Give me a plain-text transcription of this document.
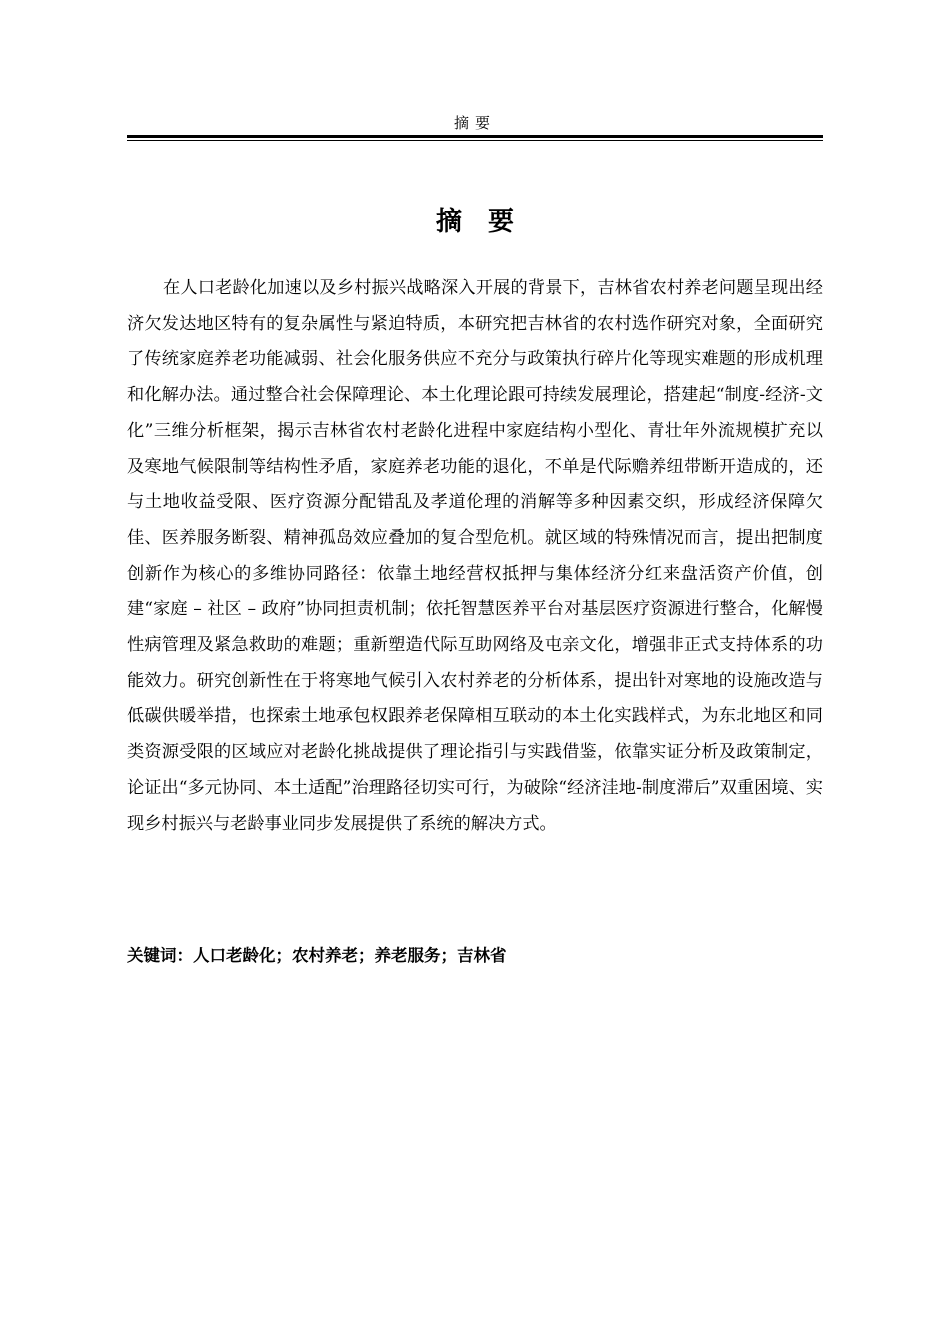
摘要
摘要

在人口老龄化加速以及乡村振兴战略深入开展的背景下，吉林省农村养老问题呈现出经济欠发达地区特有的复杂属性与紧迫特质，本研究把吉林省的农村选作研究对象，全面研究了传统家庭养老功能减弱、社会化服务供应不充分与政策执行碎片化等现实难题的形成机理和化解办法。通过整合社会保障理论、本土化理论跟可持续发展理论，搭建起“制度-经济-文化”三维分析框架，揭示吉林省农村老龄化进程中家庭结构小型化、青壮年外流规模扩充以及寒地气候限制等结构性矛盾，家庭养老功能的退化，不单是代际赡养纽带断开造成的，还与土地收益受限、医疗资源分配错乱及孝道伦理的消解等多种因素交织，形成经济保障欠佳、医养服务断裂、精神孤岛效应叠加的复合型危机。就区域的特殊情况而言，提出把制度创新作为核心的多维协同路径：依靠土地经营权抵押与集体经济分红来盘活资产价值，创建“家庭 – 社区 – 政府”协同担责机制；依托智慧医养平台对基层医疗资源进行整合，化解慢性病管理及紧急救助的难题；重新塑造代际互助网络及屯亲文化，增强非正式支持体系的功能效力。研究创新性在于将寒地气候引入农村养老的分析体系，提出针对寒地的设施改造与低碳供暖举措，也探索土地承包权跟养老保障相互联动的本土化实践样式，为东北地区和同类资源受限的区域应对老龄化挑战提供了理论指引与实践借鉴，依靠实证分析及政策制定，论证出“多元协同、本土适配”治理路径切实可行，为破除“经济洼地-制度滞后”双重困境、实现乡村振兴与老龄事业同步发展提供了系统的解决方式。

关键词：人口老龄化；农村养老；养老服务；吉林省
